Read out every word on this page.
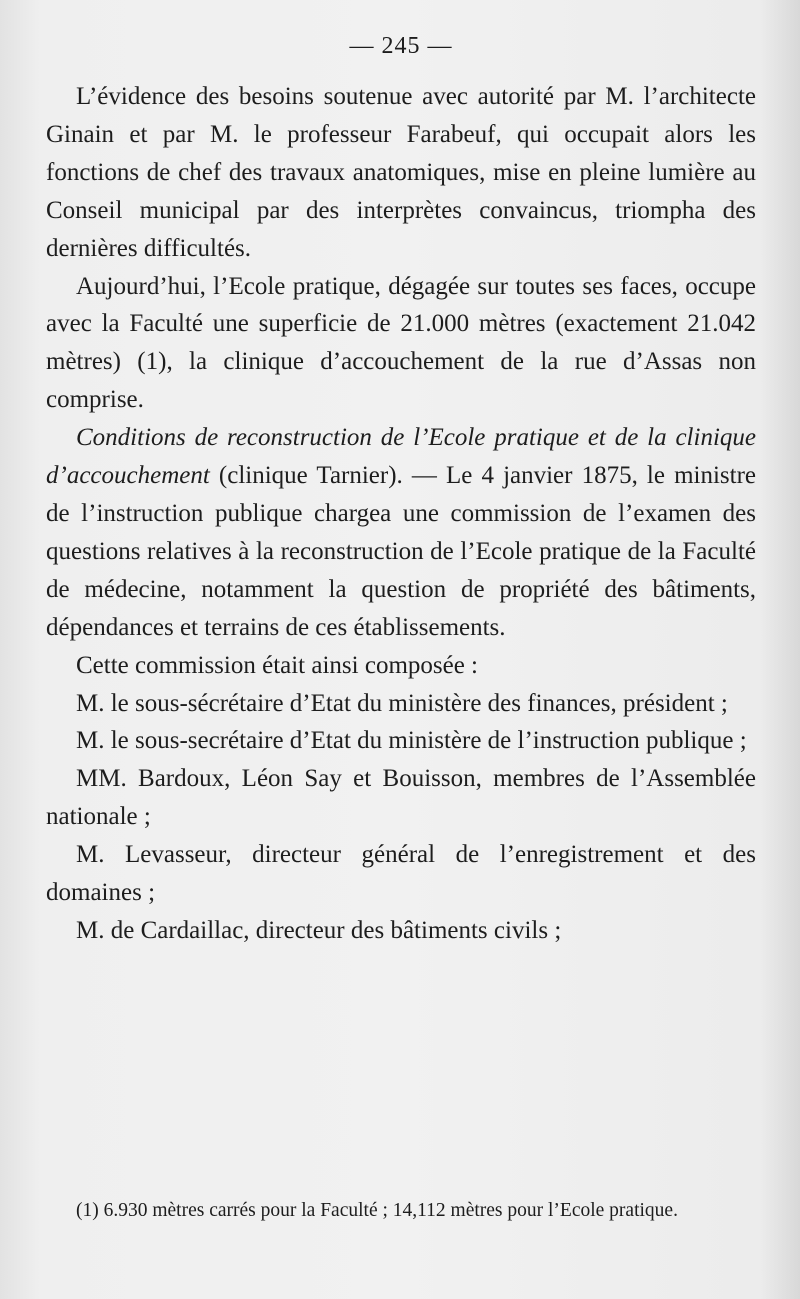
— 245 —

L’évidence des besoins soutenue avec autorité par M. l’architecte Ginain et par M. le professeur Farabeuf, qui occupait alors les fonctions de chef des travaux anatomiques, mise en pleine lumière au Conseil municipal par des interprètes convaincus, triompha des dernières difficultés.

Aujourd’hui, l’Ecole pratique, dégagée sur toutes ses faces, occupe avec la Faculté une superficie de 21.000 mètres (exactement 21.042 mètres) (1), la clinique d’accouchement de la rue d’Assas non comprise.

Conditions de reconstruction de l’Ecole pratique et de la clinique d’accouchement (clinique Tarnier). — Le 4 janvier 1875, le ministre de l’instruction publique chargea une commission de l’examen des questions relatives à la reconstruction de l’Ecole pratique de la Faculté de médecine, notamment la question de propriété des bâtiments, dépendances et terrains de ces établissements.

Cette commission était ainsi composée :

M. le sous-sécrétaire d’Etat du ministère des finances, président ;

M. le sous-secrétaire d’Etat du ministère de l’instruction publique ;

MM. Bardoux, Léon Say et Bouisson, membres de l’Assemblée nationale ;

M. Levasseur, directeur général de l’enregistrement et des domaines ;

M. de Cardaillac, directeur des bâtiments civils ;

(1) 6.930 mètres carrés pour la Faculté ; 14,112 mètres pour l’Ecole pratique.
